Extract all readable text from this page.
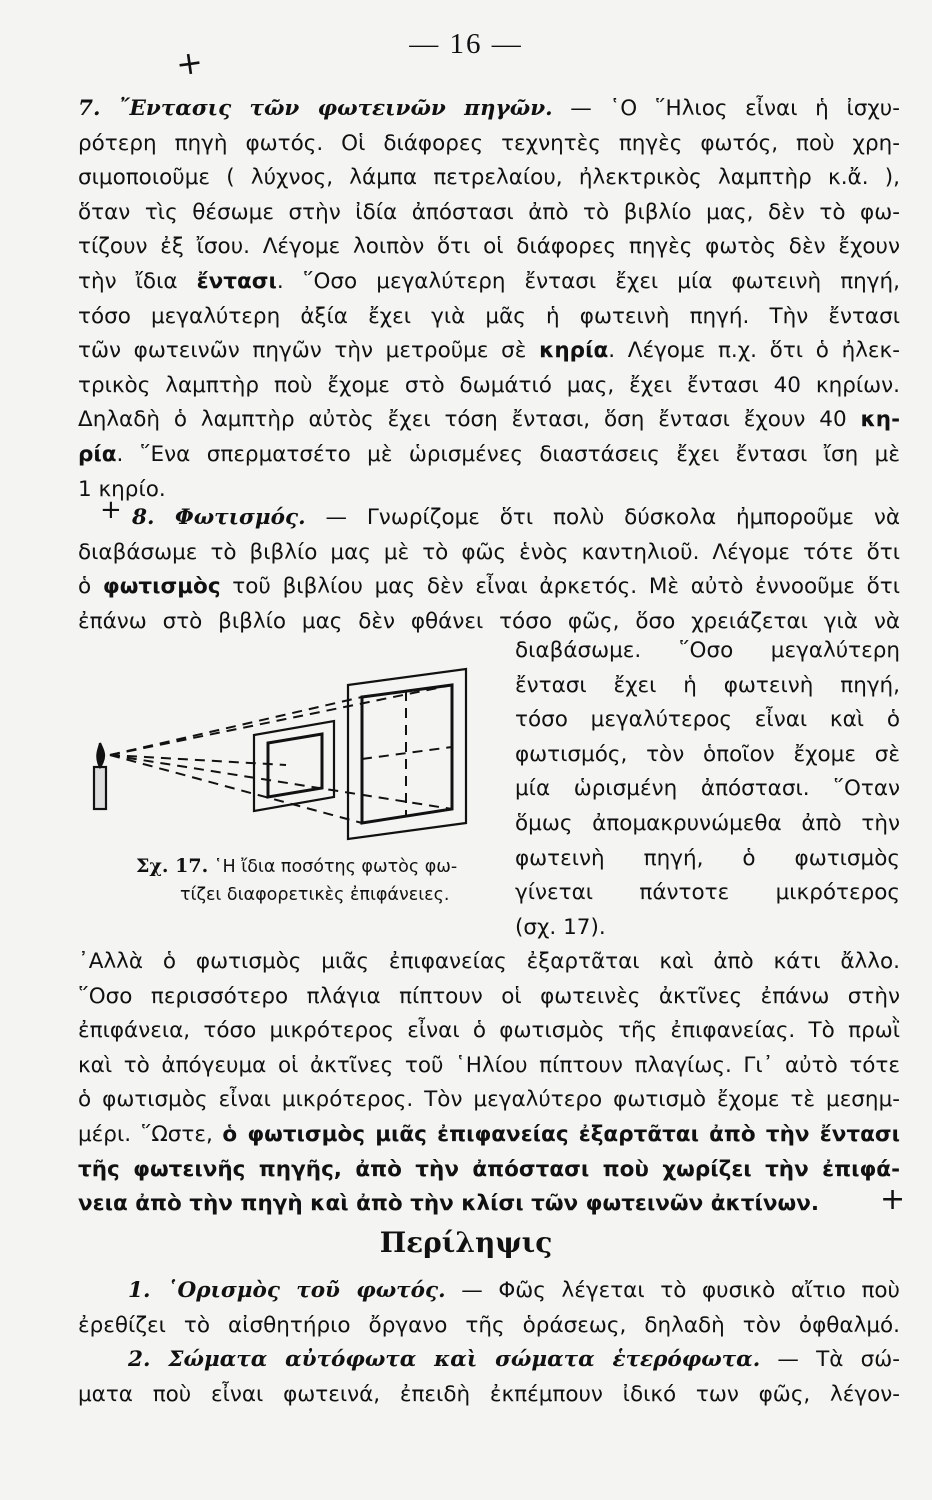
— 16 —
+
7. ῎Εντασις τῶν φωτεινῶν πηγῶν. — ῾Ο ῞Ηλιος εἶναι ἡ ἰσχυ-
ρότερη πηγὴ φωτός. Οἱ διάφορες τεχνητὲς πηγὲς φωτός, ποὺ χρη-
σιμοποιοῦμε ( λύχνος, λάμπα πετρελαίου, ἠλεκτρικὸς λαμπτὴρ κ.ἄ. ),
ὅταν τὶς θέσωμε στὴν ἰδία ἀπόστασι ἀπὸ τὸ βιβλίο μας, δὲν τὸ φω-
τίζουν ἐξ ἴσου. Λέγομε λοιπὸν ὅτι οἱ διάφορες πηγὲς φωτὸς δὲν ἔχουν
τὴν ἴδια ἔντασι. ῞Οσο μεγαλύτερη ἔντασι ἔχει μία φωτεινὴ πηγή,
τόσο μεγαλύτερη ἀξία ἔχει γιὰ μᾶς ἡ φωτεινὴ πηγή. Τὴν ἔντασι
τῶν φωτεινῶν πηγῶν τὴν μετροῦμε σὲ κηρία. Λέγομε π.χ. ὅτι ὁ ἠλεκ-
τρικὸς λαμπτὴρ ποὺ ἔχομε στὸ δωμάτιό μας, ἔχει ἔντασι 40 κηρίων.
Δηλαδὴ ὁ λαμπτὴρ αὐτὸς ἔχει τόση ἔντασι, ὅση ἔντασι ἔχουν 40 κη-
ρία. ῞Ενα σπερματσέτο μὲ ὡρισμένες διαστάσεις ἔχει ἔντασι ἴση μὲ
1 κηρίο.
+ 8. Φωτισμός. — Γνωρίζομε ὅτι πολὺ δύσκολα ἠμποροῦμε νὰ
διαβάσωμε τὸ βιβλίο μας μὲ τὸ φῶς ἑνὸς καντηλιοῦ. Λέγομε τότε ὅτι
ὁ φωτισμὸς τοῦ βιβλίου μας δὲν εἶναι ἀρκετός. Μὲ αὐτὸ ἐννοοῦμε ὅτι
ἐπάνω στὸ βιβλίο μας δὲν φθάνει τόσο φῶς, ὅσο χρειάζεται γιὰ νὰ
διαβάσωμε. ῞Οσο μεγαλύτερη
ἔντασι ἔχει ἡ φωτεινὴ πηγή,
τόσο μεγαλύτερος εἶναι καὶ ὁ
φωτισμός, τὸν ὁποῖον ἔχομε σὲ
μία ὡρισμένη ἀπόστασι. ῞Οταν
ὅμως ἀπομακρυνώμεθα ἀπὸ τὴν
φωτεινὴ πηγή, ὁ φωτισμὸς
γίνεται πάντοτε μικρότερος
(σχ. 17).
Σχ. 17. ῾Η ἴδια ποσότης φωτὸς φω-
τίζει διαφορετικὲς ἐπιφάνειες.
᾿Αλλὰ ὁ φωτισμὸς μιᾶς ἐπιφανείας ἐξαρτᾶται καὶ ἀπὸ κάτι ἄλλο.
῞Οσο περισσότερο πλάγια πίπτουν οἱ φωτεινὲς ἀκτῖνες ἐπάνω στὴν
ἐπιφάνεια, τόσο μικρότερος εἶναι ὁ φωτισμὸς τῆς ἐπιφανείας. Τὸ πρωῒ
καὶ τὸ ἀπόγευμα οἱ ἀκτῖνες τοῦ ῾Ηλίου πίπτουν πλαγίως. Γι᾿ αὐτὸ τότε
ὁ φωτισμὸς εἶναι μικρότερος. Τὸν μεγαλύτερο φωτισμὸ ἔχομε τὲ μεσημ-
μέρι. ῞Ωστε, ὁ φωτισμὸς μιᾶς ἐπιφανείας ἐξαρτᾶται ἀπὸ τὴν ἔντασι
τῆς φωτεινῆς πηγῆς, ἀπὸ τὴν ἀπόστασι ποὺ χωρίζει τὴν ἐπιφά-
νεια ἀπὸ τὴν πηγὴ καὶ ἀπὸ τὴν κλίσι τῶν φωτεινῶν ἀκτίνων.	+
Περίληψις
1. ῾Ορισμὸς τοῦ φωτός. — Φῶς λέγεται τὸ φυσικὸ αἴτιο ποὺ
ἐρεθίζει τὸ αἰσθητήριο ὄργανο τῆς ὁράσεως, δηλαδὴ τὸν ὀφθαλμό.
2. Σώματα αὐτόφωτα καὶ σώματα ἑτερόφωτα. — Τὰ σώ-
ματα ποὺ εἶναι φωτεινά, ἐπειδὴ ἐκπέμπουν ἰδικό των φῶς, λέγον-
